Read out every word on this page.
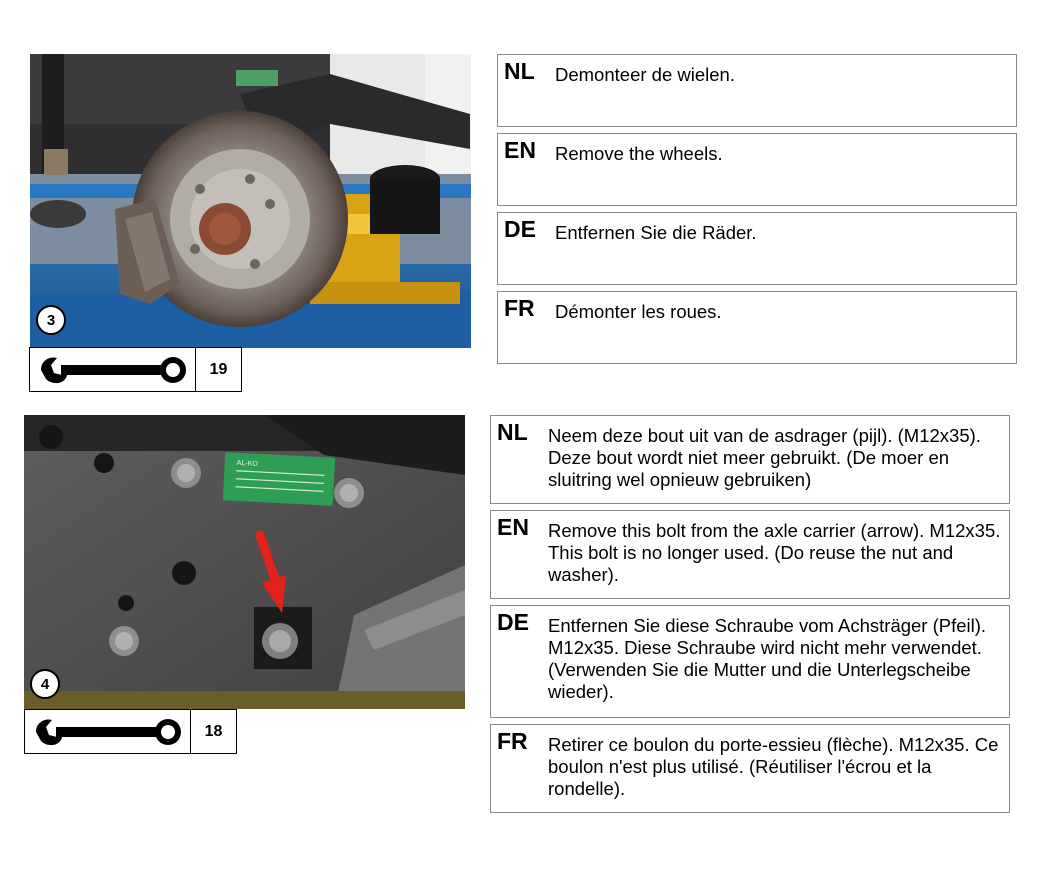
3
19
NL Demonteer de wielen.
EN Remove the wheels.
DE Entfernen Sie die Räder.
FR Démonter les roues.
AL-KO
4
18
NL Neem deze bout uit van de asdrager (pijl). (M12x35). Deze bout wordt niet meer gebruikt. (De moer en sluitring wel opnieuw gebruiken)
EN Remove this bolt from the axle carrier (arrow). M12x35. This bolt is no longer used. (Do reuse the nut and washer).
DE Entfernen Sie diese Schraube vom Achsträger (Pfeil). M12x35. Diese Schraube wird nicht mehr verwendet. (Verwenden Sie die Mutter und die Unterlegscheibe wieder).
FR Retirer ce boulon du porte-essieu (flèche). M12x35. Ce boulon n'est plus utilisé. (Réutiliser l'écrou et la rondelle).
